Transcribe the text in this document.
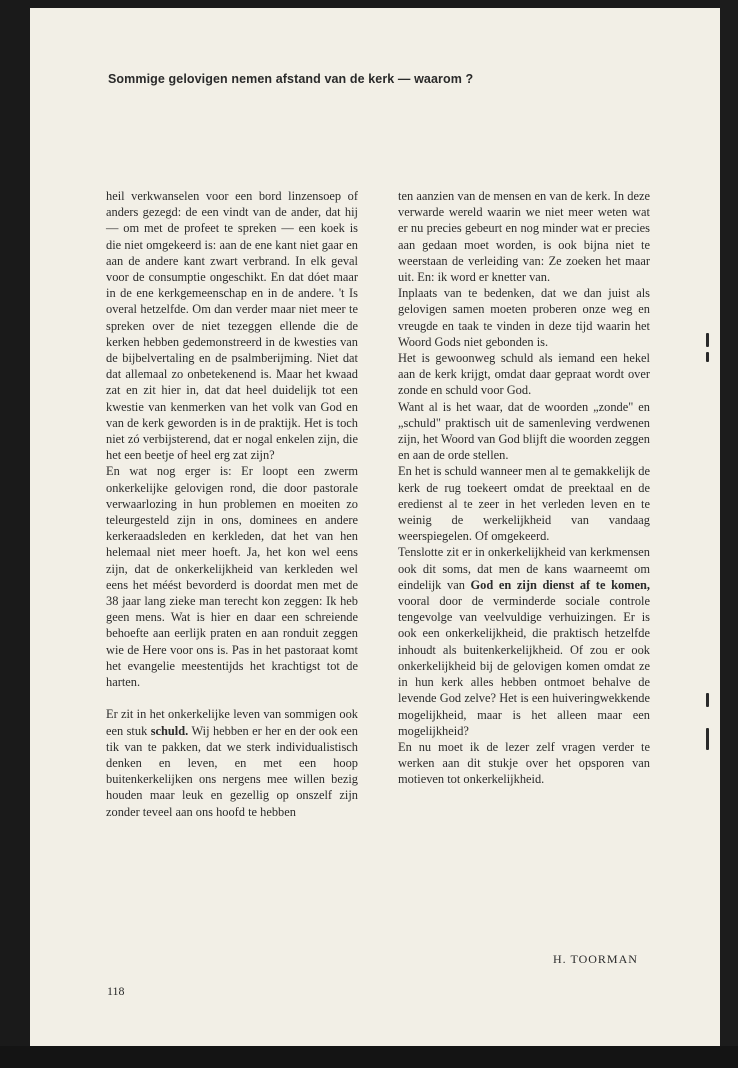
Sommige gelovigen nemen afstand van de kerk — waarom ?

heil verkwanselen voor een bord linzensoep of anders gezegd: de een vindt van de ander, dat hij — om met de profeet te spreken — een koek is die niet omgekeerd is: aan de ene kant niet gaar en aan de andere kant zwart verbrand. In elk geval voor de consumptie ongeschikt. En dat dóet maar in de ene kerkgemeenschap en in de andere. 't Is overal hetzelfde. Om dan verder maar niet meer te spreken over de niet tezeggen ellende die de kerken hebben gedemonstreerd in de kwesties van de bijbelvertaling en de psalmberijming. Niet dat dat allemaal zo onbetekenend is. Maar het kwaad zat en zit hier in, dat dat heel duidelijk tot een kwestie van kenmerken van het volk van God en van de kerk geworden is in de praktijk. Het is toch niet zó verbijsterend, dat er nogal enkelen zijn, die het een beetje of heel erg zat zijn?

En wat nog erger is: Er loopt een zwerm onkerkelijke gelovigen rond, die door pastorale verwaarlozing in hun problemen en moeiten zo teleurgesteld zijn in ons, dominees en andere kerkeraadsleden en kerkleden, dat het van hen helemaal niet meer hoeft. Ja, het kon wel eens zijn, dat de onkerkelijkheid van kerkleden wel eens het méést bevorderd is doordat men met de 38 jaar lang zieke man terecht kon zeggen: Ik heb geen mens. Wat is hier en daar een schreiende behoefte aan eerlijk praten en aan ronduit zeggen wie de Here voor ons is. Pas in het pastoraat komt het evangelie meestentijds het krachtigst tot de harten.

Er zit in het onkerkelijke leven van sommigen ook een stuk schuld. Wij hebben er her en der ook een tik van te pakken, dat we sterk individualistisch denken en leven, en met een hoop buitenkerkelijken ons nergens mee willen bezig houden maar leuk en gezellig op onszelf zijn zonder teveel aan ons hoofd te hebben

ten aanzien van de mensen en van de kerk. In deze verwarde wereld waarin we niet meer weten wat er nu precies gebeurt en nog minder wat er precies aan gedaan moet worden, is ook bijna niet te weerstaan de verleiding van: Ze zoeken het maar uit. En: ik word er knetter van.

Inplaats van te bedenken, dat we dan juist als gelovigen samen moeten proberen onze weg en vreugde en taak te vinden in deze tijd waarin het Woord Gods niet gebonden is.

Het is gewoonweg schuld als iemand een hekel aan de kerk krijgt, omdat daar gepraat wordt over zonde en schuld voor God.

Want al is het waar, dat de woorden „zonde" en „schuld" praktisch uit de samenleving verdwenen zijn, het Woord van God blijft die woorden zeggen en aan de orde stellen.

En het is schuld wanneer men al te gemakkelijk de kerk de rug toekeert omdat de preektaal en de eredienst al te zeer in het verleden leven en te weinig de werkelijkheid van vandaag weerspiegelen. Of omgekeerd.

Tenslotte zit er in onkerkelijkheid van kerkmensen ook dit soms, dat men de kans waarneemt om eindelijk van God en zijn dienst af te komen, vooral door de verminderde sociale controle tengevolge van veelvuldige verhuizingen. Er is ook een onkerkelijkheid, die praktisch hetzelfde inhoudt als buitenkerkelijkheid. Of zou er ook onkerkelijkheid bij de gelovigen komen omdat ze in hun kerk alles hebben ontmoet behalve de levende God zelve? Het is een huiveringwekkende mogelijkheid, maar is het alleen maar een mogelijkheid?

En nu moet ik de lezer zelf vragen verder te werken aan dit stukje over het opsporen van motieven tot onkerkelijkheid.

H. TOORMAN
118
